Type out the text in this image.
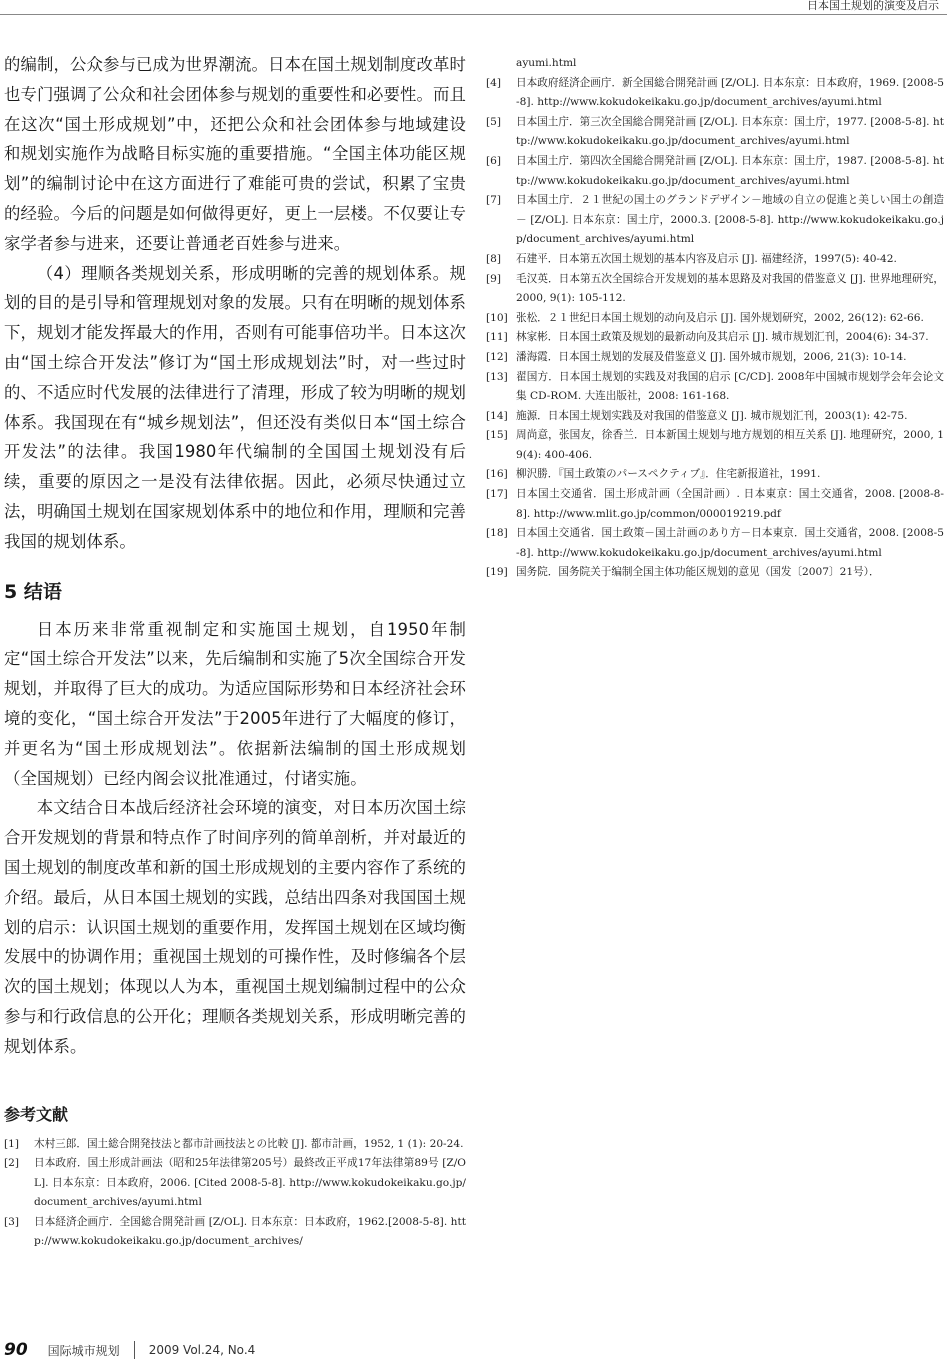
日本国土规划的演变及启示

的编制，公众参与已成为世界潮流。日本在国土规划制度改革时也专门强调了公众和社会团体参与规划的重要性和必要性。而且在这次“国土形成规划”中，还把公众和社会团体参与地域建设和规划实施作为战略目标实施的重要措施。“全国主体功能区规划”的编制讨论中在这方面进行了难能可贵的尝试，积累了宝贵的经验。今后的问题是如何做得更好，更上一层楼。不仅要让专家学者参与进来，还要让普通老百姓参与进来。

（4）理顺各类规划关系，形成明晰的完善的规划体系。规划的目的是引导和管理规划对象的发展。只有在明晰的规划体系下，规划才能发挥最大的作用，否则有可能事倍功半。日本这次由“国土综合开发法”修订为“国土形成规划法”时，对一些过时的、不适应时代发展的法律进行了清理，形成了较为明晰的规划体系。我国现在有“城乡规划法”，但还没有类似日本“国土综合开发法”的法律。我国1980年代编制的全国国土规划没有后续，重要的原因之一是没有法律依据。因此，必须尽快通过立法，明确国土规划在国家规划体系中的地位和作用，理顺和完善我国的规划体系。

5 结语

日本历来非常重视制定和实施国土规划，自1950年制定“国土综合开发法”以来，先后编制和实施了5次全国综合开发规划，并取得了巨大的成功。为适应国际形势和日本经济社会环境的变化，“国土综合开发法”于2005年进行了大幅度的修订，并更名为“国土形成规划法”。依据新法编制的国土形成规划（全国规划）已经内阁会议批准通过，付诸实施。

本文结合日本战后经济社会环境的演变，对日本历次国土综合开发规划的背景和特点作了时间序列的简单剖析，并对最近的国土规划的制度改革和新的国土形成规划的主要内容作了系统的介绍。最后，从日本国土规划的实践，总结出四条对我国国土规划的启示：认识国土规划的重要作用，发挥国土规划在区域均衡发展中的协调作用；重视国土规划的可操作性，及时修编各个层次的国土规划；体现以人为本，重视国土规划编制过程中的公众参与和行政信息的公开化；理顺各类规划关系，形成明晰完善的规划体系。

参考文献
[1]	木村三郎．国土総合開発技法と都市計画技法との比較 [J]. 都市計画，1952, 1 (1): 20-24.
[2]	日本政府．国土形成計画法（昭和25年法律第205号）最終改正平成17年法律第89号 [Z/OL]. 日本东京：日本政府，2006. [Cited 2008-5-8]. http://www.kokudokeikaku.go.jp/document_archives/ayumi.html
[3]	日本経済企画庁．全国総合開発計画 [Z/OL]. 日本东京：日本政府，1962.[2008-5-8]. http://www.kokudokeikaku.go.jp/document_archives/
ayumi.html
[4]	日本政府経済企画庁．新全国総合開発計画 [Z/OL]. 日本东京：日本政府，1969. [2008-5-8]. http://www.kokudokeikaku.go.jp/document_archives/ayumi.html
[5]	日本国土庁．第三次全国総合開発計画 [Z/OL]. 日本东京：国土庁，1977. [2008-5-8]. http://www.kokudokeikaku.go.jp/document_archives/ayumi.html
[6]	日本国土庁．第四次全国総合開発計画 [Z/OL]. 日本东京：国土庁，1987. [2008-5-8]. http://www.kokudokeikaku.go.jp/document_archives/ayumi.html
[7]	日本国土庁．２１世紀の国土のグランドデザイン－地域の自立の促進と美しい国土の創造－ [Z/OL]. 日本东京：国土庁，2000.3. [2008-5-8]. http://www.kokudokeikaku.go.jp/document_archives/ayumi.html
[8]	石建平．日本第五次国土规划的基本内容及启示 [J]. 福建经济，1997(5): 40-42.
[9]	毛汉英．日本第五次全国综合开发规划的基本思路及对我国的借鉴意义 [J]. 世界地理研究，2000, 9(1): 105-112.
[10] 张松．２１世纪日本国土规划的动向及启示 [J]. 国外规划研究，2002, 26(12): 62-66.
[11] 林家彬．日本国土政策及规划的最新动向及其启示 [J]. 城市规划汇刊，2004(6): 34-37.
[12] 潘海霞．日本国土规划的发展及借鉴意义 [J]. 国外城市规划，2006, 21(3): 10-14.
[13] 翟国方．日本国土规划的实践及对我国的启示 [C/CD]. 2008年中国城市规划学会年会论文集 CD-ROM. 大连出版社，2008: 161-168.
[14] 施源．日本国土规划实践及对我国的借鉴意义 [J]. 城市规划汇刊，2003(1): 42-75.
[15] 周尚意，张国友，徐香兰．日本新国土规划与地方规划的相互关系 [J]. 地理研究，2000, 19(4): 400-406.
[16] 柳沢勝．『国土政策のパースペクティブ』．住宅新报道社，1991.
[17] 日本国土交通省．国土形成計画（全国計画）. 日本東京：国土交通省，2008. [2008-8-8]. http://www.mlit.go.jp/common/000019219.pdf
[18] 日本国土交通省．国土政策－国土計画のあり方－日本東京．国土交通省，2008. [2008-5-8]. http://www.kokudokeikaku.go.jp/document_archives/ayumi.html
[19] 国务院．国务院关于编制全国主体功能区规划的意见（国发〔2007〕21号）．
90 国际城市规划 2009 Vol.24, No.4
